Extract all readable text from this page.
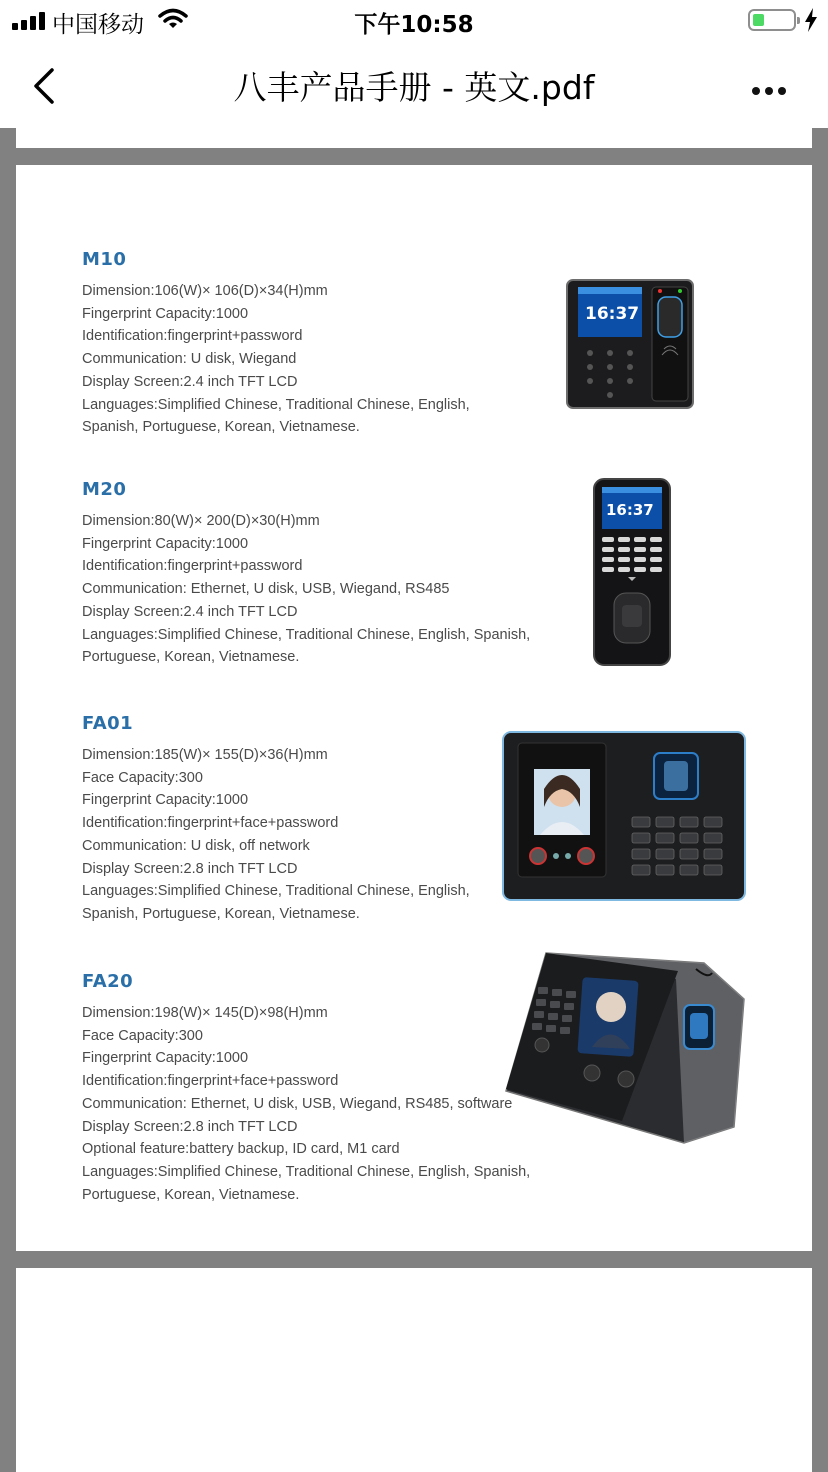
中国移动	下午10:58
八丰产品手册 - 英文.pdf
M10
Dimension:106(W)× 106(D)×34(H)mm
Fingerprint Capacity:1000
Identification:fingerprint+password
Communication: U disk, Wiegand
Display Screen:2.4 inch TFT LCD
Languages:Simplified Chinese, Traditional Chinese, English,
Spanish, Portuguese, Korean, Vietnamese.
16:37
M20
Dimension:80(W)× 200(D)×30(H)mm
Fingerprint Capacity:1000
Identification:fingerprint+password
Communication: Ethernet, U disk, USB, Wiegand, RS485
Display Screen:2.4 inch TFT LCD
Languages:Simplified Chinese, Traditional Chinese, English, Spanish,
Portuguese, Korean, Vietnamese.
16:37
FA01
Dimension:185(W)× 155(D)×36(H)mm
Face Capacity:300
Fingerprint Capacity:1000
Identification:fingerprint+face+password
Communication: U disk, off network
Display Screen:2.8 inch TFT LCD
Languages:Simplified Chinese, Traditional Chinese, English,
Spanish, Portuguese, Korean, Vietnamese.
FA20
Dimension:198(W)× 145(D)×98(H)mm
Face Capacity:300
Fingerprint Capacity:1000
Identification:fingerprint+face+password
Communication: Ethernet, U disk, USB, Wiegand, RS485, software
Display Screen:2.8 inch TFT LCD
Optional feature:battery backup, ID card, M1 card
Languages:Simplified Chinese, Traditional Chinese, English, Spanish,
Portuguese, Korean, Vietnamese.
